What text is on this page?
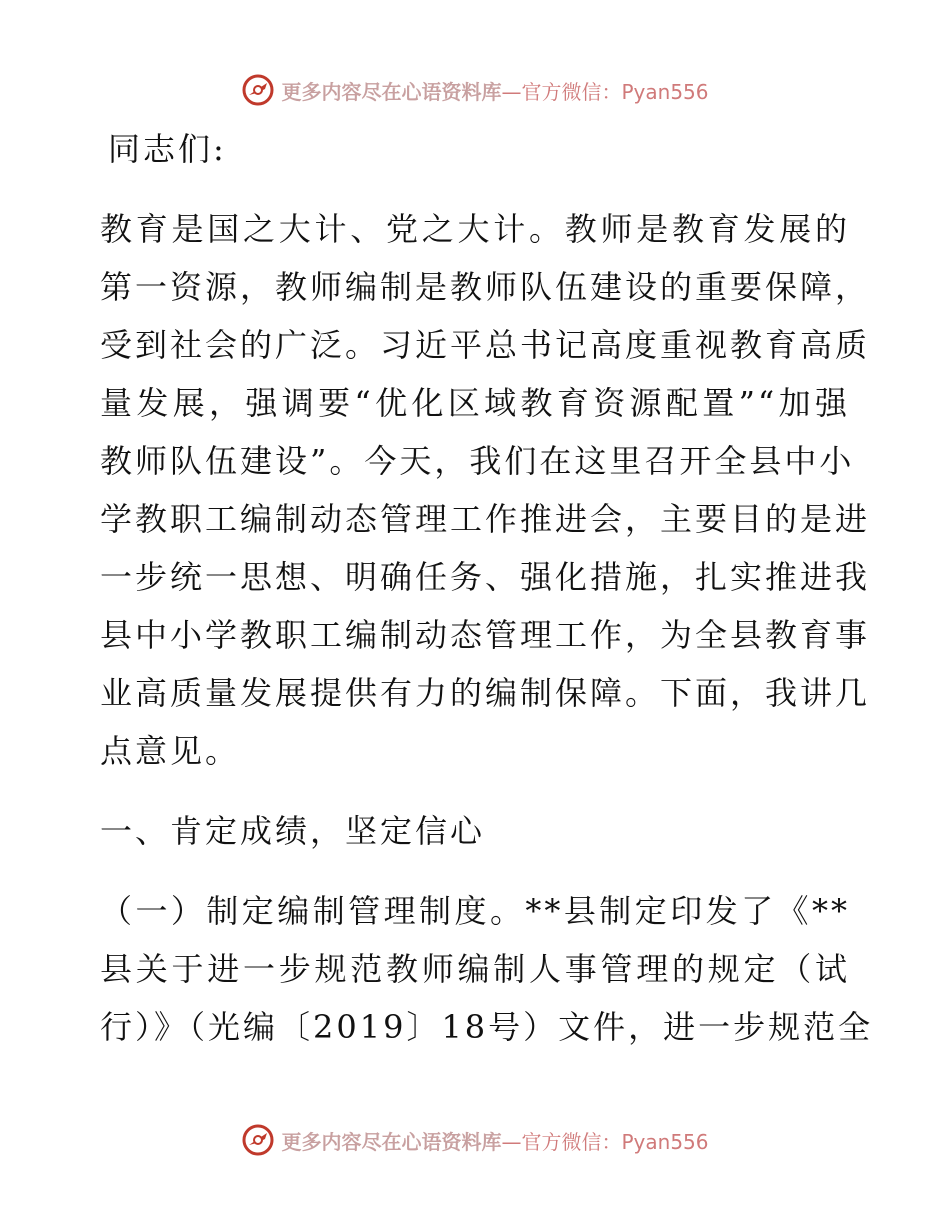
更多内容尽在心语资料库—官方微信：Pyan556
同志们:
教育是国之大计、党之大计。教师是教育发展的
第一资源，教师编制是教师队伍建设的重要保障，
受到社会的广泛。习近平总书记高度重视教育高质
量发展，强调要“优化区域教育资源配置”“加强
教师队伍建设”。今天，我们在这里召开全县中小
学教职工编制动态管理工作推进会，主要目的是进
一步统一思想、明确任务、强化措施，扎实推进我
县中小学教职工编制动态管理工作，为全县教育事
业高质量发展提供有力的编制保障。下面，我讲几
点意见。
一、肯定成绩，坚定信心
（一）制定编制管理制度。**县制定印发了《**
县关于进一步规范教师编制人事管理的规定（试
行）》（光编〔2019〕18号）文件，进一步规范全
更多内容尽在心语资料库—官方微信：Pyan556
